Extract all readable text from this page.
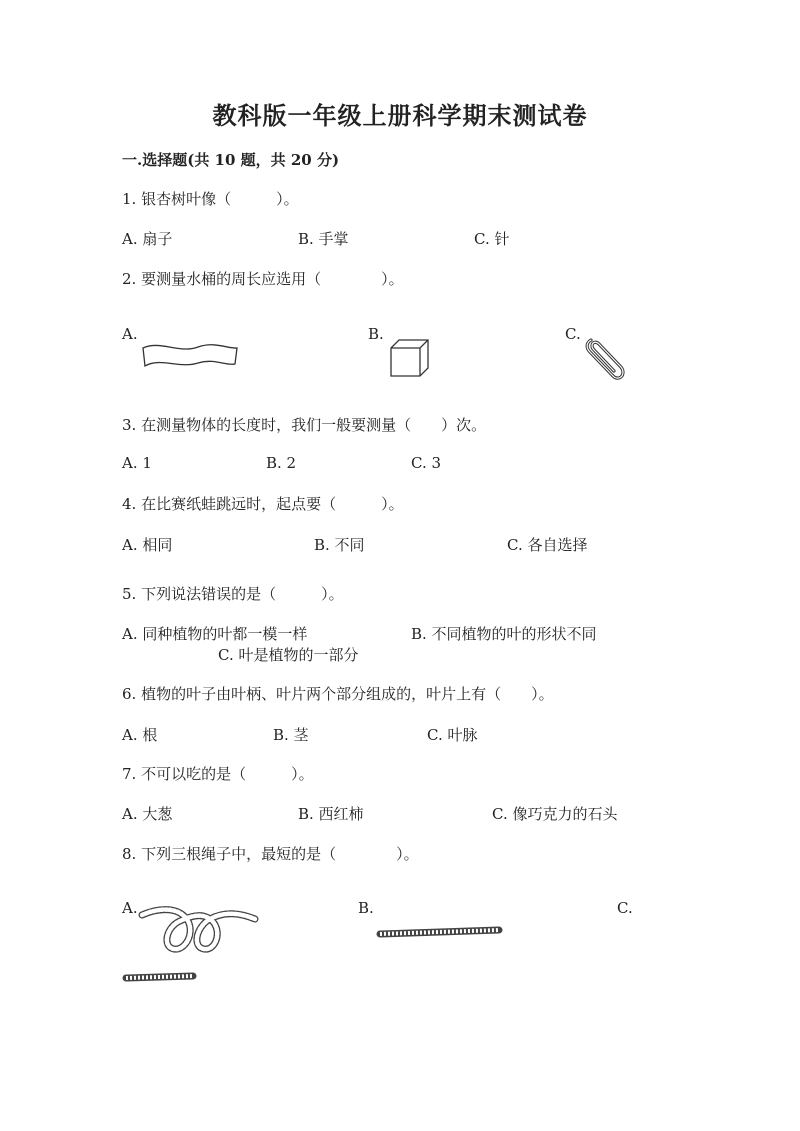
教科版一年级上册科学期末测试卷
一.选择题(共 10 题，共 20 分)
1. 银杏树叶像（　　　）。
A. 扇子	B. 手掌	C. 针
2. 要测量水桶的周长应选用（　　　　）。
A.	B.	C.
3. 在测量物体的长度时，我们一般要测量（　　）次。
A. 1	B. 2	C. 3
4. 在比赛纸蛙跳远时，起点要（　　　）。
A. 相同	B. 不同	C. 各自选择
5. 下列说法错误的是（　　　）。
A. 同种植物的叶都一模一样	B. 不同植物的叶的形状不同
C. 叶是植物的一部分
6. 植物的叶子由叶柄、叶片两个部分组成的，叶片上有（　　）。
A. 根	B. 茎	C. 叶脉
7. 不可以吃的是（　　　）。
A. 大葱	B. 西红柿	C. 像巧克力的石头
8. 下列三根绳子中，最短的是（　　　　）。
A.	B.	C.
